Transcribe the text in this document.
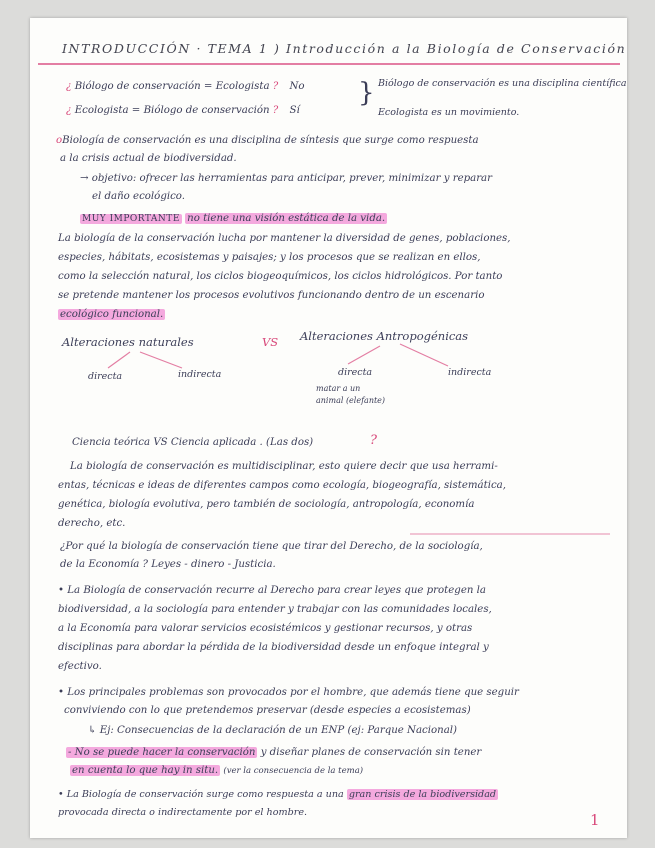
INTRODUCCIÓN · TEMA 1 ) Introducción a la Biología de Conservación
¿ Biólogo de conservación = Ecologista ? No
¿ Ecologista = Biólogo de conservación ? Sí
} Biólogo de conservación es una disciplina científica
Ecologista es un movimiento.
oBiología de conservación es una disciplina de síntesis que surge como respuesta
a la crisis actual de biodiversidad.
→ objetivo: ofrecer las herramientas para anticipar, prever, minimizar y reparar
el daño ecológico.
MUY IMPORTANTE no tiene una visión estática de la vida.
La biología de la conservación lucha por mantener la diversidad de genes, poblaciones,
especies, hábitats, ecosistemas y paisajes; y los procesos que se realizan en ellos,
como la selección natural, los ciclos biogeoquímicos, los ciclos hidrológicos. Por tanto
se pretende mantener los procesos evolutivos funcionando dentro de un escenario
ecológico funcional.
Alteraciones naturales	VS Alteraciones Antropogénicas
directa	indirecta	directa	indirecta
matar a un
animal (elefante)
Ciencia teórica VS Ciencia aplicada . (Las dos)	?
La biología de conservación es multidisciplinar, esto quiere decir que usa herrami-
entas, técnicas e ideas de diferentes campos como ecología, biogeografía, sistemática,
genética, biología evolutiva, pero también de sociología, antropología, economía
derecho, etc.
¿Por qué la biología de conservación tiene que tirar del Derecho, de la sociología,
de la Economía ? Leyes - dinero - Justicia.
• La Biología de conservación recurre al Derecho para crear leyes que protegen la
biodiversidad, a la sociología para entender y trabajar con las comunidades locales,
a la Economía para valorar servicios ecosistémicos y gestionar recursos, y otras
disciplinas para abordar la pérdida de la biodiversidad desde un enfoque integral y
efectivo.
• Los principales problemas son provocados por el hombre, que además tiene que seguir
conviviendo con lo que pretendemos preservar (desde especies a ecosistemas)
↳ Ej: Consecuencias de la declaración de un ENP (ej: Parque Nacional)
- No se puede hacer la conservación y diseñar planes de conservación sin tener
en cuenta lo que hay in situ. (ver la consecuencia de la tema)
• La Biología de conservación surge como respuesta a una gran crisis de la biodiversidad
provocada directa o indirectamente por el hombre.	1
